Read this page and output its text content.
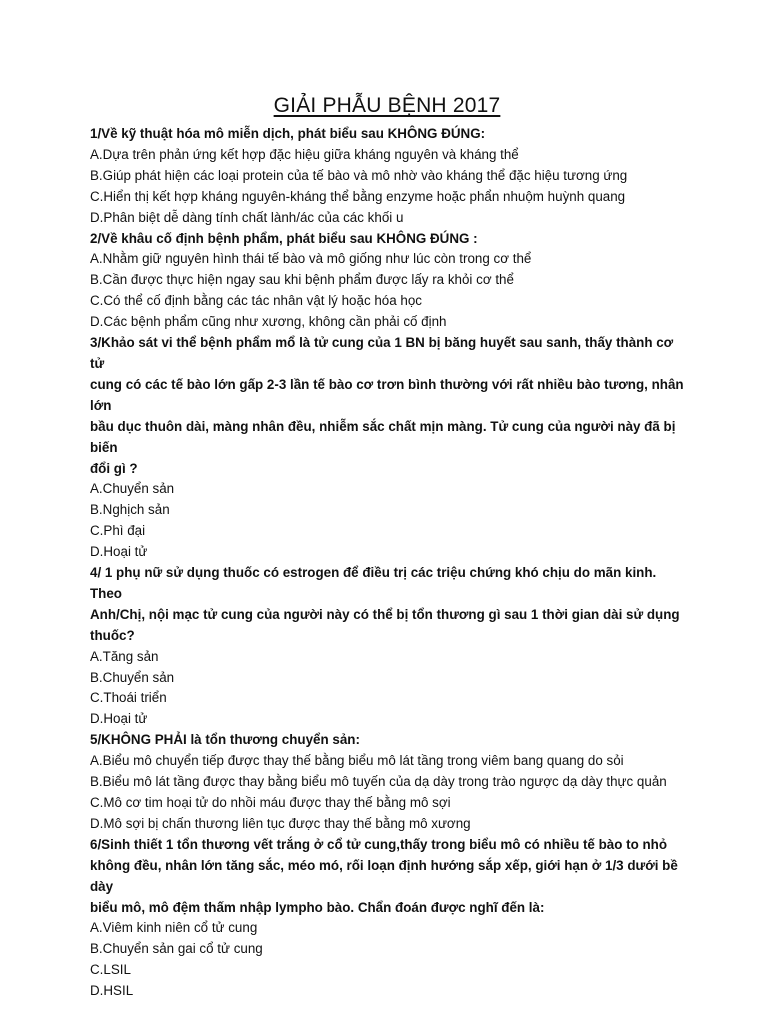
GIẢI PHẪU BỆNH 2017

1/Về kỹ thuật hóa mô miễn dịch, phát biểu sau KHÔNG ĐÚNG:

A.Dựa trên phản ứng kết hợp đặc hiệu giữa kháng nguyên và kháng thể

B.Giúp phát hiện các loại protein của tế bào và mô nhờ vào kháng thể đặc hiệu tương ứng

C.Hiển thị kết hợp kháng nguyên-kháng thể bằng enzyme hoặc phẩn nhuộm huỳnh quang

D.Phân biệt dễ dàng tính chất lành/ác của các khối u

2/Về khâu cố định bệnh phẩm, phát biểu sau KHÔNG ĐÚNG :

A.Nhằm giữ nguyên hình thái tế bào và mô giống như lúc còn trong cơ thể

B.Cần được thực hiện ngay sau khi bệnh phẩm được lấy ra khỏi cơ thể

C.Có thể cố định bằng các tác nhân vật lý hoặc hóa học

D.Các bệnh phẩm cũng như xương, không cần phải cố định

3/Khảo sát vi thể bệnh phẩm mổ là tử cung của 1 BN bị băng huyết sau sanh, thấy thành cơ tử

cung có các tế bào lớn gấp 2-3 lần tế bào cơ trơn bình thường với rất nhiều bào tương, nhân lớn

bầu dục thuôn dài, màng nhân đều, nhiễm sắc chất mịn màng. Tử cung của người này đã bị biến

đổi gì ?

A.Chuyển sản

B.Nghịch sản

C.Phì đại

D.Hoại tử

4/ 1 phụ nữ sử dụng thuốc có estrogen để điều trị các triệu chứng khó chịu do mãn kinh. Theo

Anh/Chị, nội mạc tử cung của người này có thể bị tổn thương gì sau 1 thời gian dài sử dụng

thuốc?

A.Tăng sản

B.Chuyển sản

C.Thoái triển

D.Hoại tử

5/KHÔNG PHẢI là tổn thương chuyển sản:

A.Biểu mô chuyển tiếp được thay thế bằng biểu mô lát tầng trong viêm bang quang do sỏi

B.Biểu mô lát tầng được thay bằng biểu mô tuyến của dạ dày trong trào ngược dạ dày thực quản

C.Mô cơ tim hoại tử do nhồi máu được thay thế bằng mô sợi

D.Mô sợi bị chấn thương liên tục được thay thế bằng mô xương

6/Sinh thiết 1 tổn thương vết trắng ở cổ tử cung,thấy trong biểu mô có nhiều tế bào to nhỏ

không đều, nhân lớn tăng sắc, méo mó, rối loạn định hướng sắp xếp, giới hạn ở 1/3 dưới bề dày

biểu mô, mô đệm thấm nhập lympho bào. Chẩn đoán được nghĩ đến là:

A.Viêm kinh niên cổ tử cung

B.Chuyển sản gai cổ tử cung

C.LSIL

D.HSIL
